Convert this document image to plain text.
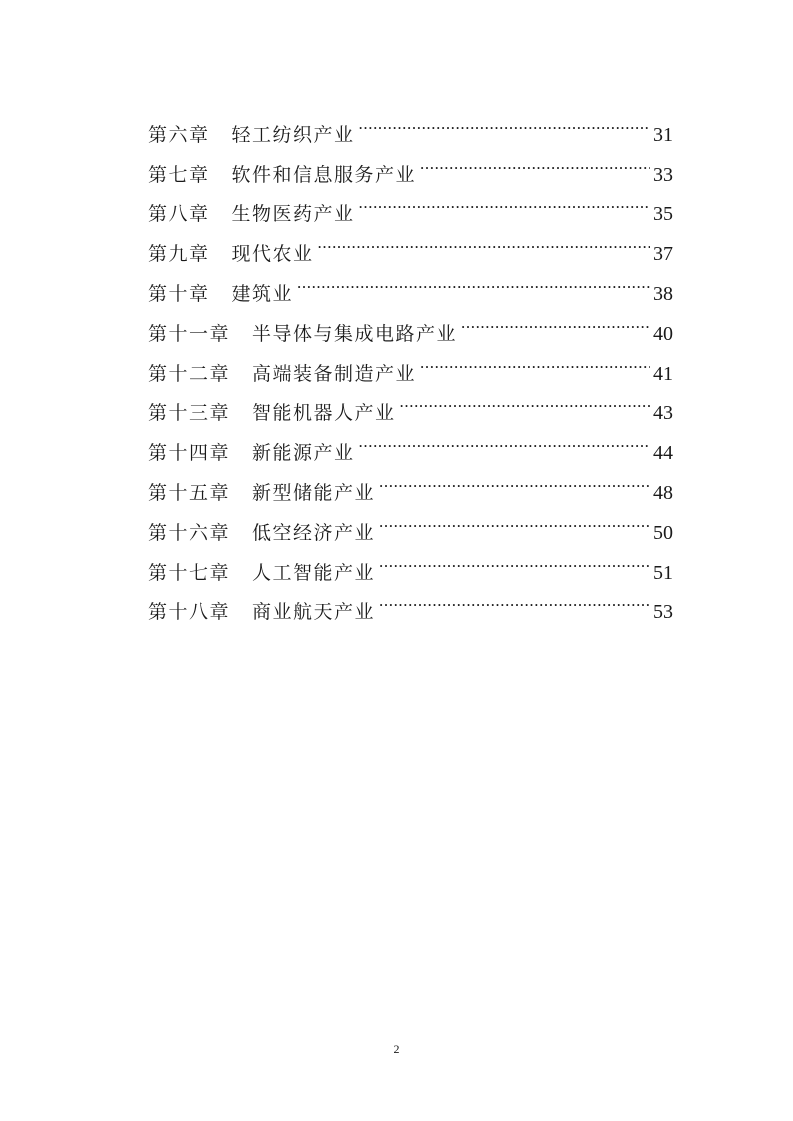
第六章 轻工纺织产业 .....	31
第七章 软件和信息服务产业 .....	33
第八章 生物医药产业 .....	35
第九章 现代农业 .....	37
第十章 建筑业 .....	38
第十一章 半导体与集成电路产业 .....	40
第十二章 高端装备制造产业 .....	41
第十三章 智能机器人产业 .....	43
第十四章 新能源产业 .....	44
第十五章 新型储能产业 .....	48
第十六章 低空经济产业 .....	50
第十七章 人工智能产业 .....	51
第十八章 商业航天产业 .....	53
2
